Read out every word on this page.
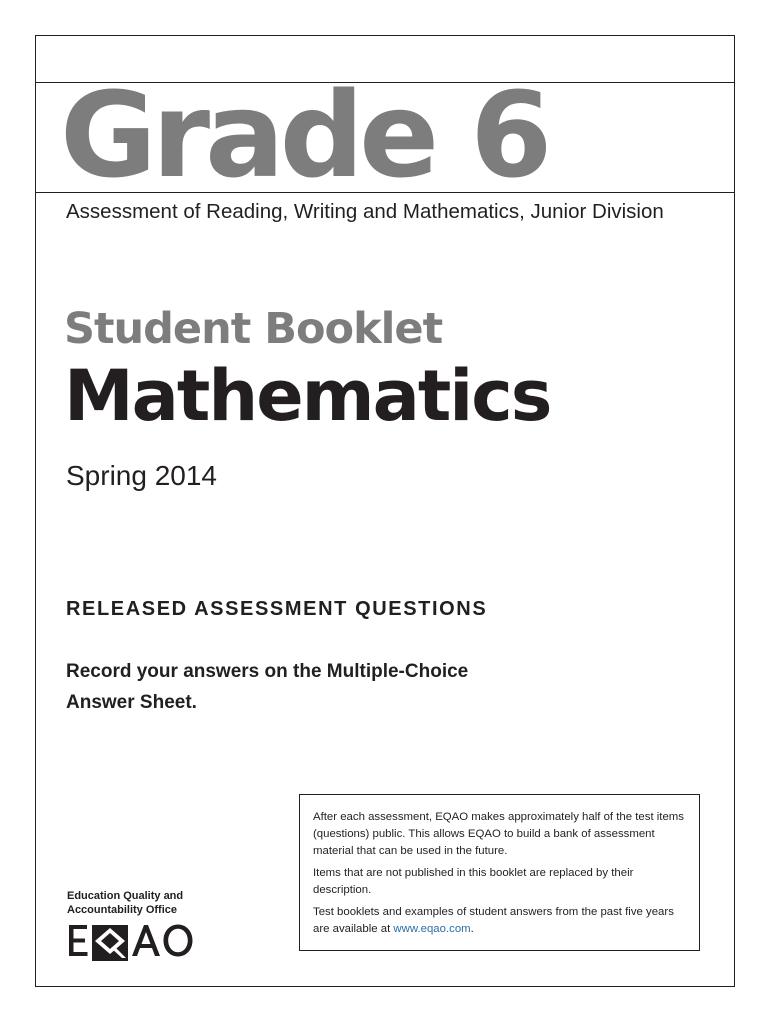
Grade 6

Assessment of Reading, Writing and Mathematics, Junior Division

Student Booklet
Mathematics

Spring 2014

RELEASED ASSESSMENT QUESTIONS

Record your answers on the Multiple-Choice
Answer Sheet.

Education Quality and
Accountability Office

After each assessment, EQAO makes approximately half of the test items (questions) public. This allows EQAO to build a bank of assessment material that can be used in the future.

Items that are not published in this booklet are replaced by their description.

Test booklets and examples of student answers from the past five years are available at www.eqao.com.
